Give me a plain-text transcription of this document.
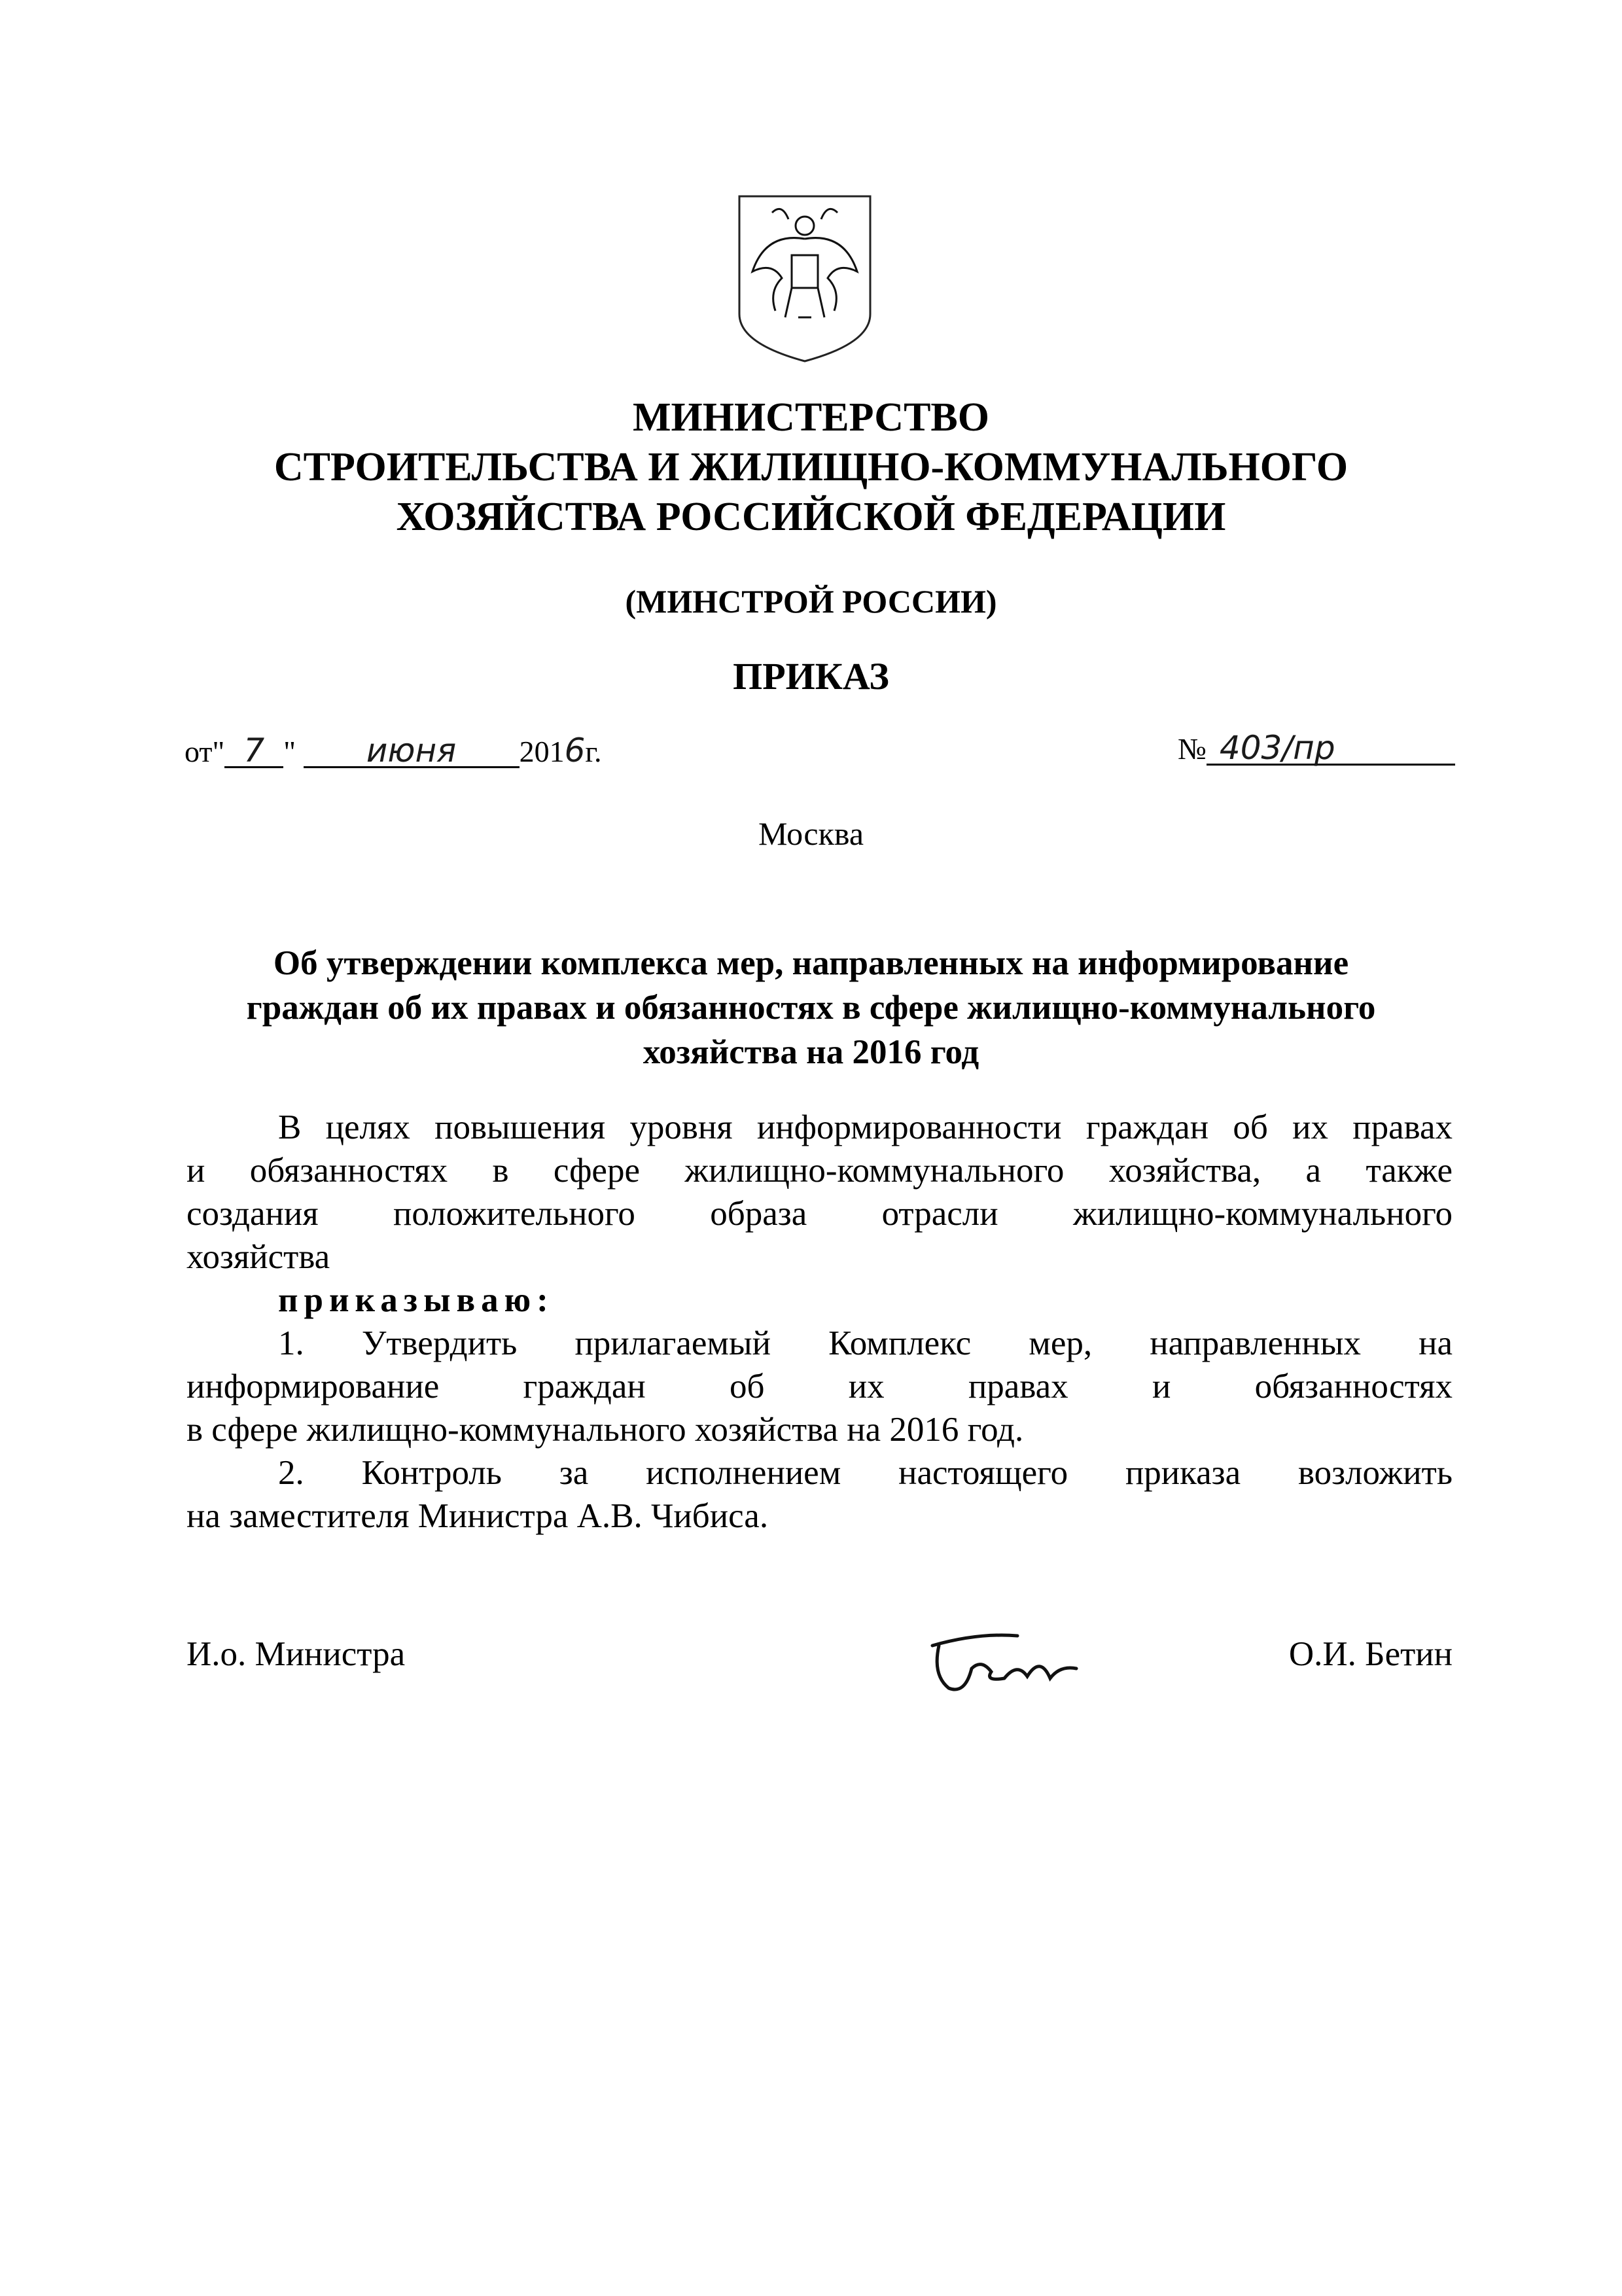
МИНИСТЕРСТВО
СТРОИТЕЛЬСТВА И ЖИЛИЩНО-КОММУНАЛЬНОГО
ХОЗЯЙСТВА РОССИЙСКОЙ ФЕДЕРАЦИИ
(МИНСТРОЙ РОССИИ)
ПРИКАЗ
от" 7 " июня 2016г.	№ 403/пр
Москва
Об утверждении комплекса мер, направленных на информирование
граждан об их правах и обязанностях в сфере жилищно-коммунального
хозяйства на 2016 год
В целях повышения уровня информированности граждан об их правах
и обязанностях в сфере жилищно-коммунального хозяйства, а также
создания положительного образа отрасли жилищно-коммунального
хозяйства
приказываю:
1. Утвердить прилагаемый Комплекс мер, направленных на
информирование граждан об их правах и обязанностях
в сфере жилищно-коммунального хозяйства на 2016 год.
2. Контроль за исполнением настоящего приказа возложить
на заместителя Министра А.В. Чибиса.
И.о. Министра	О.И. Бетин
